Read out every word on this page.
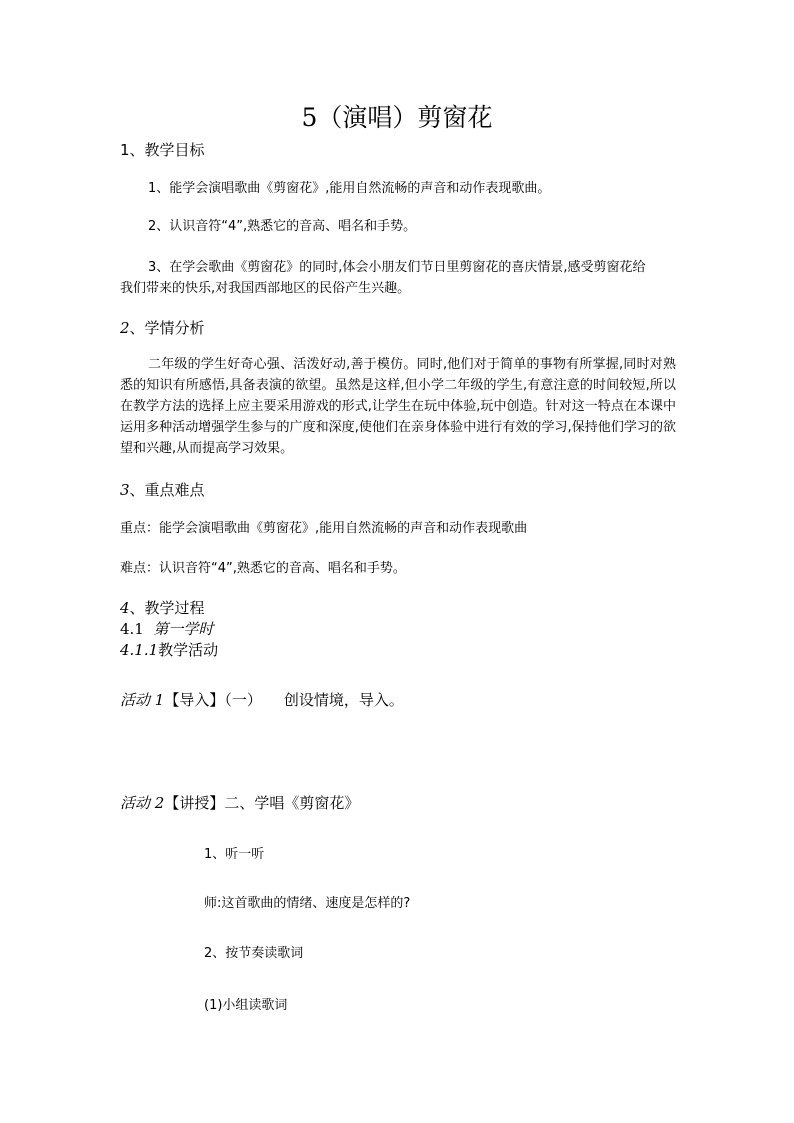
5（演唱）剪窗花
1、教学目标
1、能学会演唱歌曲《剪窗花》,能用自然流畅的声音和动作表现歌曲。
2、认识音符“4”,熟悉它的音高、唱名和手势。
3、在学会歌曲《剪窗花》的同时,体会小朋友们节日里剪窗花的喜庆情景,感受剪窗花给
我们带来的快乐,对我国西部地区的民俗产生兴趣。
2、学情分析
二年级的学生好奇心强、活泼好动,善于模仿。同时,他们对于简单的事物有所掌握,同时对熟悉的知识有所感悟,具备表演的欲望。虽然是这样,但小学二年级的学生,有意注意的时间较短,所以在教学方法的选择上应主要采用游戏的形式,让学生在玩中体验,玩中创造。针对这一特点在本课中运用多种活动增强学生参与的广度和深度,使他们在亲身体验中进行有效的学习,保持他们学习的欲望和兴趣,从而提高学习效果。
3、重点难点
重点：能学会演唱歌曲《剪窗花》,能用自然流畅的声音和动作表现歌曲
难点：认识音符“4”,熟悉它的音高、唱名和手势。
4、教学过程
4.1 第一学时
4.1.1教学活动
活动 1【导入】（一） 创设情境，导入。
活动 2【讲授】二、学唱《剪窗花》
1、听一听
师:这首歌曲的情绪、速度是怎样的?
2、按节奏读歌词
(1)小组读歌词
